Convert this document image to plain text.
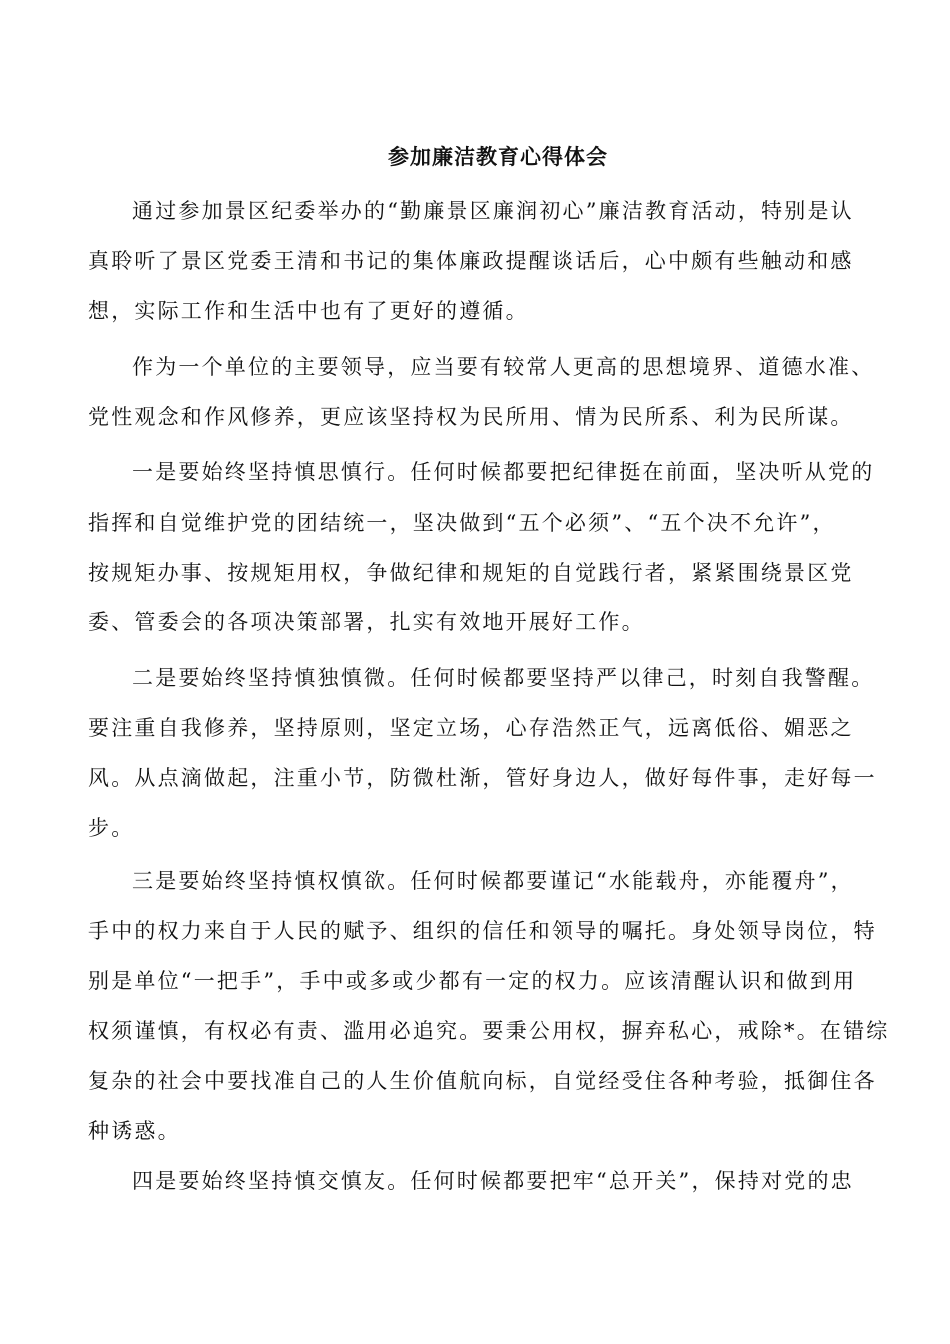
参加廉洁教育心得体会
通过参加景区纪委举办的“勤廉景区廉润初心”廉洁教育活动，特别是认
真聆听了景区党委王清和书记的集体廉政提醒谈话后，心中颇有些触动和感
想，实际工作和生活中也有了更好的遵循。
作为一个单位的主要领导，应当要有较常人更高的思想境界、道德水准、
党性观念和作风修养，更应该坚持权为民所用、情为民所系、利为民所谋。
一是要始终坚持慎思慎行。任何时候都要把纪律挺在前面，坚决听从党的
指挥和自觉维护党的团结统一，坚决做到“五个必须”、“五个决不允许”，
按规矩办事、按规矩用权，争做纪律和规矩的自觉践行者，紧紧围绕景区党
委、管委会的各项决策部署，扎实有效地开展好工作。
二是要始终坚持慎独慎微。任何时候都要坚持严以律己，时刻自我警醒。
要注重自我修养，坚持原则，坚定立场，心存浩然正气，远离低俗、媚恶之
风。从点滴做起，注重小节，防微杜渐，管好身边人，做好每件事，走好每一
步。
三是要始终坚持慎权慎欲。任何时候都要谨记“水能载舟，亦能覆舟”，
手中的权力来自于人民的赋予、组织的信任和领导的嘱托。身处领导岗位，特
别是单位“一把手”，手中或多或少都有一定的权力。应该清醒认识和做到用
权须谨慎，有权必有责、滥用必追究。要秉公用权，摒弃私心，戒除*。在错综
复杂的社会中要找准自己的人生价值航向标，自觉经受住各种考验，抵御住各
种诱惑。
四是要始终坚持慎交慎友。任何时候都要把牢“总开关”，保持对党的忠
